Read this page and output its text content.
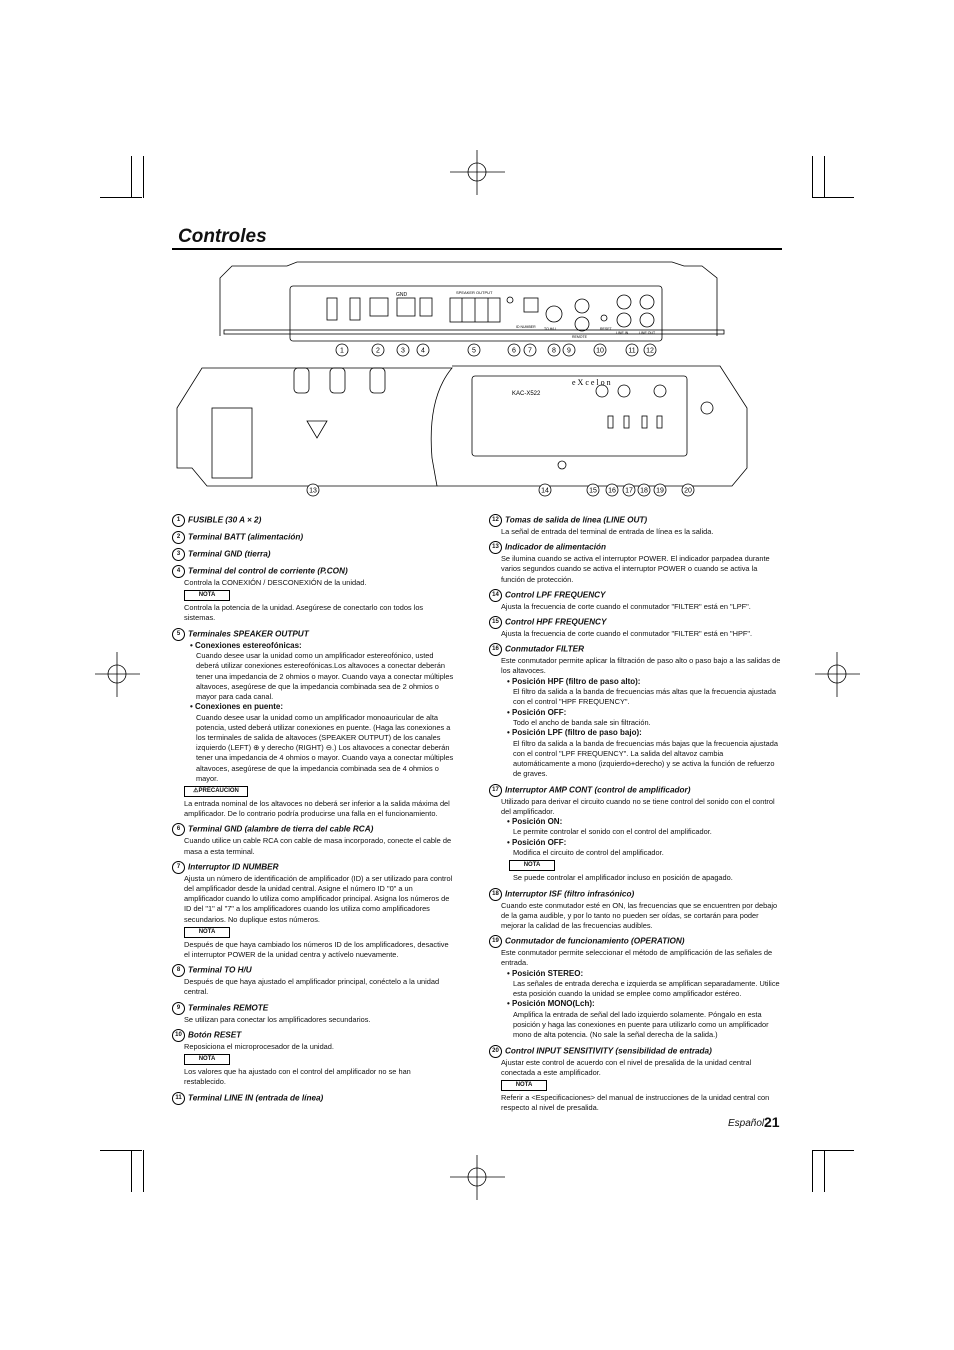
Controles
eXcelon
KAC-X522
GND	SPEAKER OUTPUT
ID NUMBER TO H/U
REMOTE
RESET
LINE IN	LINE OUT
1	2	3 4	5	6 7	8 9	10	11 12
13	14	15 16 17 18 19	20
1 FUSIBLE (30 A × 2)
2 Terminal BATT (alimentación)
3 Terminal GND (tierra)
4 Terminal del control de corriente (P.CON)
Controla la CONEXIÓN / DESCONEXIÓN de la unidad.
NOTA
Controla la potencia de la unidad. Asegúrese de conectarlo con todos los sistemas.
5 Terminales SPEAKER OUTPUT
• Conexiones estereofónicas:
Cuando desee usar la unidad como un amplificador estereofónico, usted deberá utilizar conexiones estereofónicas.Los altavoces a conectar deberán tener una impedancia de 2 ohmios o mayor. Cuando vaya a conectar múltiples altavoces, asegúrese de que la impedancia combinada sea de 2 ohmios o mayor para cada canal.
• Conexiones en puente:
Cuando desee usar la unidad como un amplificador monoauricular de alta potencia, usted deberá utilizar conexiones en puente. (Haga las conexiones a los terminales de salida de altavoces (SPEAKER OUTPUT) de los canales izquierdo (LEFT) ⊕ y derecho (RIGHT) ⊖.) Los altavoces a conectar deberán tener una impedancia de 4 ohmios o mayor. Cuando vaya a conectar múltiples altavoces, asegúrese de que la impedancia combinada sea de 4 ohmios o mayor.
⚠PRECAUCIÓN
La entrada nominal de los altavoces no deberá ser inferior a la salida máxima del amplificador. De lo contrario podría producirse una falla en el funcionamiento.
6 Terminal GND (alambre de tierra del cable RCA)
Cuando utilice un cable RCA con cable de masa incorporado, conecte el cable de masa a esta terminal.
7 Interruptor ID NUMBER
Ajusta un número de identificación de amplificador (ID) a ser utilizado para control del amplificador desde la unidad central. Asigne el número ID "0" a un amplificador cuando lo utiliza como amplificador principal. Asigna los números de ID del "1" al "7" a los amplificadores cuando los utiliza como amplificadores secundarios. No duplique estos números.
NOTA
Después de que haya cambiado los números ID de los amplificadores, desactive el interruptor POWER de la unidad centra y actívelo nuevamente.
8 Terminal TO H/U
Después de que haya ajustado el amplificador principal, conéctelo a la unidad central.
9 Terminales REMOTE
Se utilizan para conectar los amplificadores secundarios.
10 Botón RESET
Reposiciona el microprocesador de la unidad.
NOTA
Los valores que ha ajustado con el control del amplificador no se han restablecido.
11 Terminal LINE IN (entrada de línea)
12 Tomas de salida de línea (LINE OUT)
La señal de entrada del terminal de entrada de línea es la salida.
13 Indicador de alimentación
Se ilumina cuando se activa el interruptor POWER. El indicador parpadea durante varios segundos cuando se activa el interruptor POWER o cuando se activa la función de protección.
14 Control LPF FREQUENCY
Ajusta la frecuencia de corte cuando el conmutador "FILTER" está en "LPF".
15 Control HPF FREQUENCY
Ajusta la frecuencia de corte cuando el conmutador "FILTER" está en "HPF".
16 Conmutador FILTER
Este conmutador permite aplicar la filtración de paso alto o paso bajo a las salidas de los altavoces.
• Posición HPF (filtro de paso alto):
El filtro da salida a la banda de frecuencias más altas que la frecuencia ajustada con el control "HPF FREQUENCY".
• Posición OFF:
Todo el ancho de banda sale sin filtración.
• Posición LPF (filtro de paso bajo):
El filtro da salida a la banda de frecuencias más bajas que la frecuencia ajustada con el control "LPF FREQUENCY". La salida del altavoz cambia automáticamente a mono (izquierdo+derecho) y se activa la función de refuerzo de graves.
17 Interruptor AMP CONT (control de amplificador)
Utilizado para derivar el circuito cuando no se tiene control del sonido con el control del amplificador.
• Posición ON:
Le permite controlar el sonido con el control del amplificador.
• Posición OFF:
Modifica el circuito de control del amplificador.
NOTA
Se puede controlar el amplificador incluso en posición de apagado.
18 Interruptor ISF (filtro infrasónico)
Cuando este conmutador esté en ON, las frecuencias que se encuentren por debajo de la gama audible, y por lo tanto no pueden ser oídas, se cortarán para poder mejorar la calidad de las frecuencias audibles.
19 Conmutador de funcionamiento (OPERATION)
Este conmutador permite seleccionar el método de amplificación de las señales de entrada.
• Posición STEREO:
Las señales de entrada derecha e izquierda se amplifican separadamente. Utilice esta posición cuando la unidad se emplee como amplificador estéreo.
• Posición MONO(Lch):
Amplifica la entrada de señal del lado izquierdo solamente. Póngalo en esta posición y haga las conexiones en puente para utilizarlo como un amplificador mono de alta potencia. (No sale la señal derecha de la salida.)
20 Control INPUT SENSITIVITY (sensibilidad de entrada)
Ajustar este control de acuerdo con el nivel de presalida de la unidad central conectada a este amplificador.
NOTA
Referir a <Especificaciones> del manual de instrucciones de la unidad central con respecto al nivel de presalida.
Español 21
